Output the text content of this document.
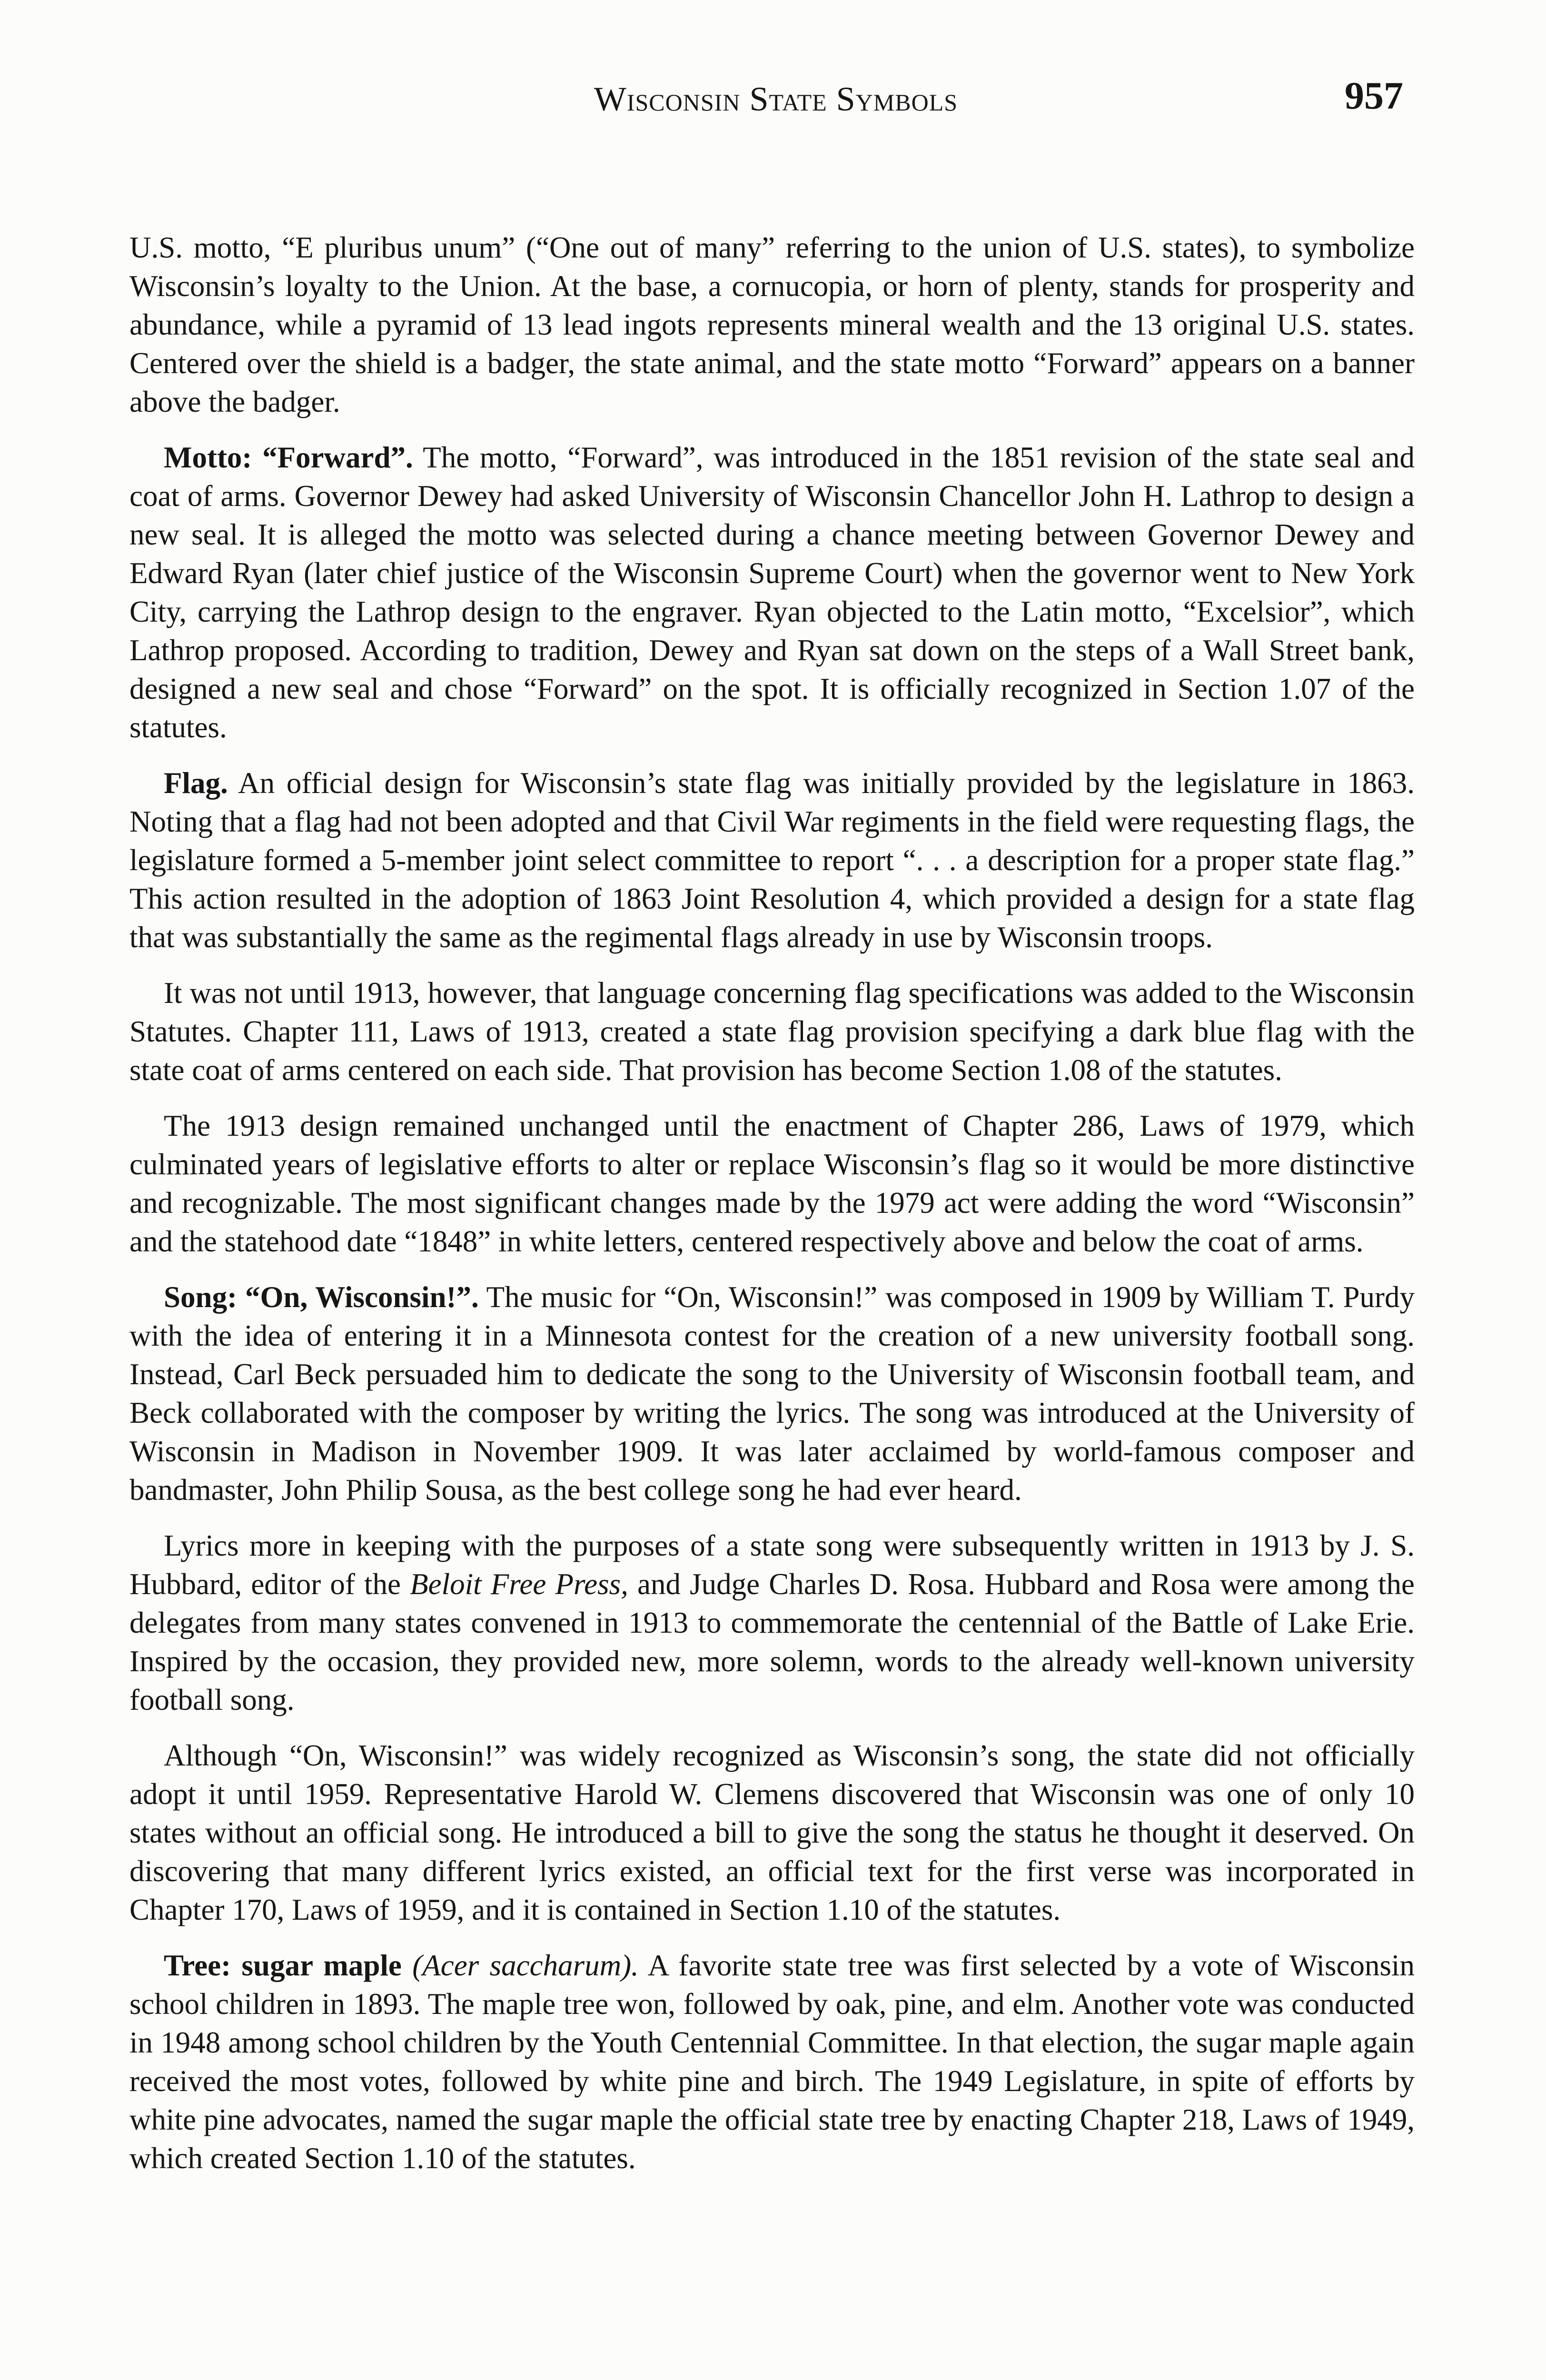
Wisconsin State Symbols	957

U.S. motto, “E pluribus unum” (“One out of many” referring to the union of U.S. states), to symbolize Wisconsin’s loyalty to the Union. At the base, a cornucopia, or horn of plenty, stands for prosperity and abundance, while a pyramid of 13 lead ingots represents mineral wealth and the 13 original U.S. states. Centered over the shield is a badger, the state animal, and the state motto “Forward” appears on a banner above the badger.

Motto: “Forward”. The motto, “Forward”, was introduced in the 1851 revision of the state seal and coat of arms. Governor Dewey had asked University of Wisconsin Chancellor John H. Lathrop to design a new seal. It is alleged the motto was selected during a chance meeting between Governor Dewey and Edward Ryan (later chief justice of the Wisconsin Supreme Court) when the governor went to New York City, carrying the Lathrop design to the engraver. Ryan objected to the Latin motto, “Excelsior”, which Lathrop proposed. According to tradition, Dewey and Ryan sat down on the steps of a Wall Street bank, designed a new seal and chose “Forward” on the spot. It is officially recognized in Section 1.07 of the statutes.

Flag. An official design for Wisconsin’s state flag was initially provided by the legislature in 1863. Noting that a flag had not been adopted and that Civil War regiments in the field were requesting flags, the legislature formed a 5-member joint select committee to report “. . . a description for a proper state flag.” This action resulted in the adoption of 1863 Joint Resolution 4, which provided a design for a state flag that was substantially the same as the regimental flags already in use by Wisconsin troops.

It was not until 1913, however, that language concerning flag specifications was added to the Wisconsin Statutes. Chapter 111, Laws of 1913, created a state flag provision specifying a dark blue flag with the state coat of arms centered on each side. That provision has become Section 1.08 of the statutes.

The 1913 design remained unchanged until the enactment of Chapter 286, Laws of 1979, which culminated years of legislative efforts to alter or replace Wisconsin’s flag so it would be more distinctive and recognizable. The most significant changes made by the 1979 act were adding the word “Wisconsin” and the statehood date “1848” in white letters, centered respectively above and below the coat of arms.

Song: “On, Wisconsin!”. The music for “On, Wisconsin!” was composed in 1909 by William T. Purdy with the idea of entering it in a Minnesota contest for the creation of a new university football song. Instead, Carl Beck persuaded him to dedicate the song to the University of Wisconsin football team, and Beck collaborated with the composer by writing the lyrics. The song was introduced at the University of Wisconsin in Madison in November 1909. It was later acclaimed by world-famous composer and bandmaster, John Philip Sousa, as the best college song he had ever heard.

Lyrics more in keeping with the purposes of a state song were subsequently written in 1913 by J. S. Hubbard, editor of the Beloit Free Press, and Judge Charles D. Rosa. Hubbard and Rosa were among the delegates from many states convened in 1913 to commemorate the centennial of the Battle of Lake Erie. Inspired by the occasion, they provided new, more solemn, words to the already well-known university football song.

Although “On, Wisconsin!” was widely recognized as Wisconsin’s song, the state did not officially adopt it until 1959. Representative Harold W. Clemens discovered that Wisconsin was one of only 10 states without an official song. He introduced a bill to give the song the status he thought it deserved. On discovering that many different lyrics existed, an official text for the first verse was incorporated in Chapter 170, Laws of 1959, and it is contained in Section 1.10 of the statutes.

Tree: sugar maple (Acer saccharum). A favorite state tree was first selected by a vote of Wisconsin school children in 1893. The maple tree won, followed by oak, pine, and elm. Another vote was conducted in 1948 among school children by the Youth Centennial Committee. In that election, the sugar maple again received the most votes, followed by white pine and birch. The 1949 Legislature, in spite of efforts by white pine advocates, named the sugar maple the official state tree by enacting Chapter 218, Laws of 1949, which created Section 1.10 of the statutes.
